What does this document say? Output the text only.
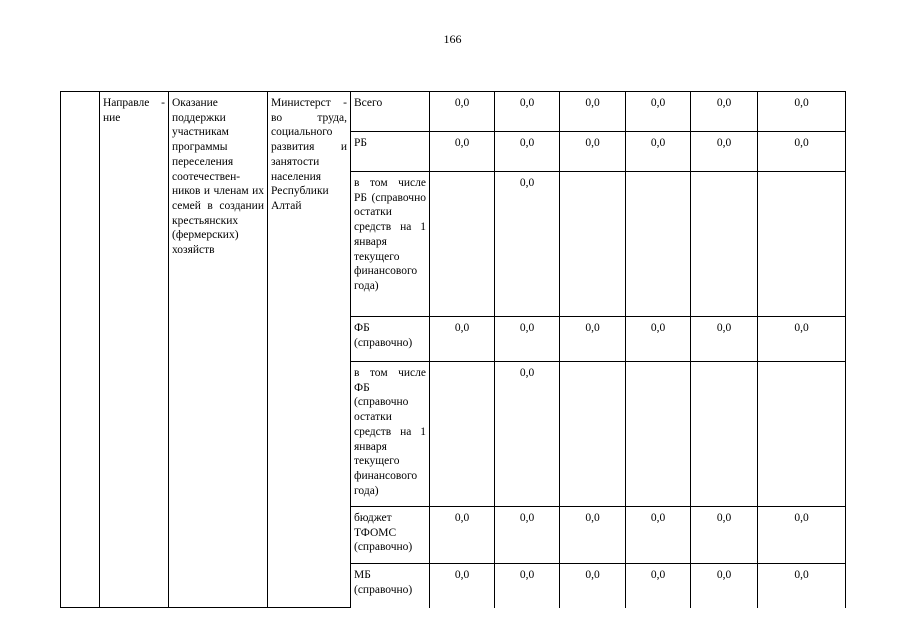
166

	Направле - ние	Оказание поддержки участникам программы переселения соотечествен- ников и членам их семей в создании крестьянских (фермерских) хозяйств	Министерст - во труда, социального развития и занятости населения Республики Алтай	Всего	0,0	0,0	0,0	0,0	0,0	0,0

				РБ	0,0	0,0	0,0	0,0	0,0	0,0

				в том числе РБ (справочно остатки средств на 1 января текущего финансового года)		0,0				

				ФБ (справочно)	0,0	0,0	0,0	0,0	0,0	0,0

				в том числе ФБ (справочно остатки средств на 1 января текущего финансового года)		0,0				

				бюджет ТФОМС (справочно)	0,0	0,0	0,0	0,0	0,0	0,0

				МБ (справочно)	0,0	0,0	0,0	0,0	0,0	0,0
